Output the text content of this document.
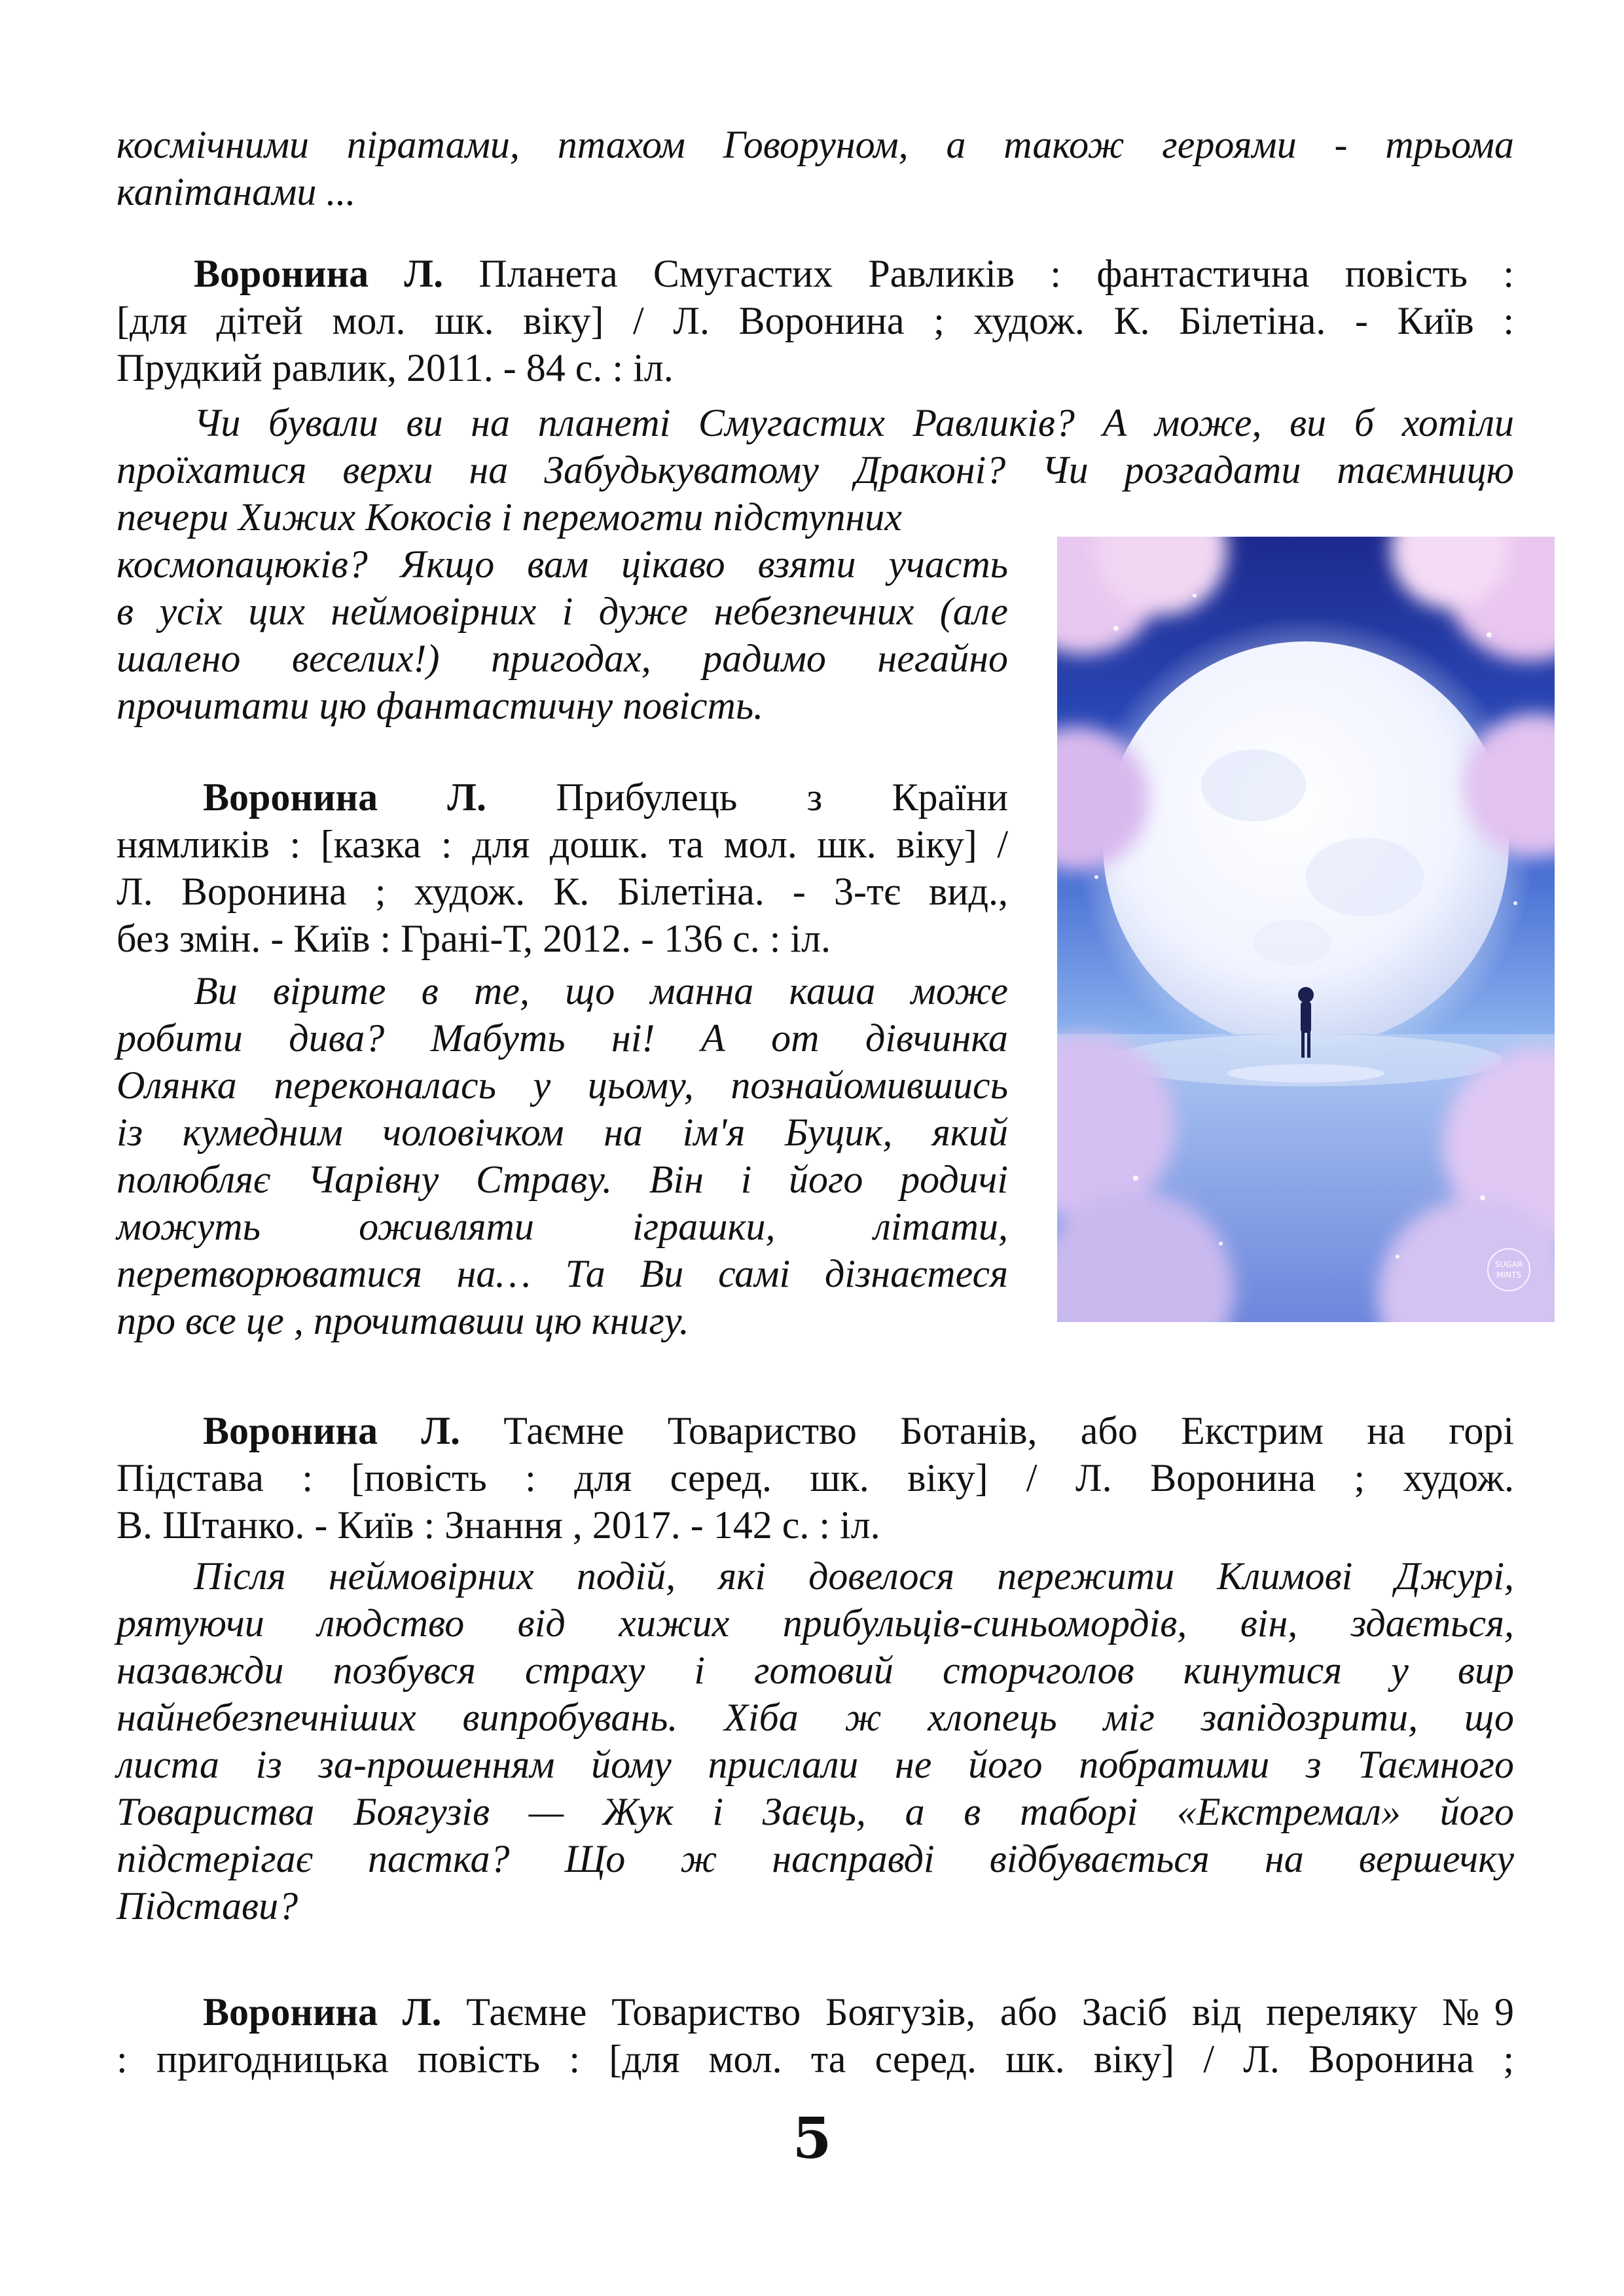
космічними піратами, птахом Говоруном, а також героями - трьома
капітанами ...
Воронина Л. Планета Смугастих Равликів : фантастична повість :
[для дітей мол. шк. віку] / Л. Воронина ; худож. К. Білетіна. - Київ :
Прудкий равлик, 2011. - 84 с. : іл.
Чи бували ви на планеті Смугастих Равликів? А може, ви б хотіли
проїхатися верхи на Забудькуватому Драконі? Чи розгадати таємницю
печери Хижих Кокосів і перемогти підступних
космопацюків? Якщо вам цікаво взяти участь
в усіх цих неймовірних і дуже небезпечних (але
шалено веселих!) пригодах, радимо негайно
прочитати цю фантастичну повість.
Воронина Л. Прибулець з Країни
нямликів : [казка : для дошк. та мол. шк. віку] /
Л. Воронина ; худож. К. Білетіна. - 3-тє вид.,
без змін. - Київ : Грані-Т, 2012. - 136 с. : іл.
Ви вірите в те, що манна каша може
робити дива? Мабуть ні! А от дівчинка
Олянка переконалась у цьому, познайомившись
із кумедним чоловічком на ім'я Буцик, який
полюбляє Чарівну Страву. Він і його родичі
можуть оживляти іграшки, літати,
перетворюватися на… Та Ви самі дізнаєтеся
про все це , прочитавши цю книгу.
SUGAR
MINTS
Воронина Л. Таємне Товариство Ботанів, або Екстрим на горі
Підстава : [повість : для серед. шк. віку] / Л. Воронина ; худож.
В. Штанко. - Київ : Знання , 2017. - 142 с. : іл.
Після неймовірних подій, які довелося пережити Климові Джурі,
рятуючи людство від хижих прибульців-синьомордів, він, здається,
назавжди позбувся страху і готовий сторчголов кинутися у вир
найнебезпечніших випробувань. Хіба ж хлопець міг запідозрити, що
листа із за-прошенням йому прислали не його побратими з Таємного
Товариства Боягузів — Жук і Заєць, а в таборі «Екстремал» його
підстерігає пастка? Що ж насправді відбувається на вершечку
Підстави?
Воронина Л. Таємне Товариство Боягузів, або Засіб від переляку №9
: пригодницька повість : [для мол. та серед. шк. віку] / Л. Воронина ;
5
